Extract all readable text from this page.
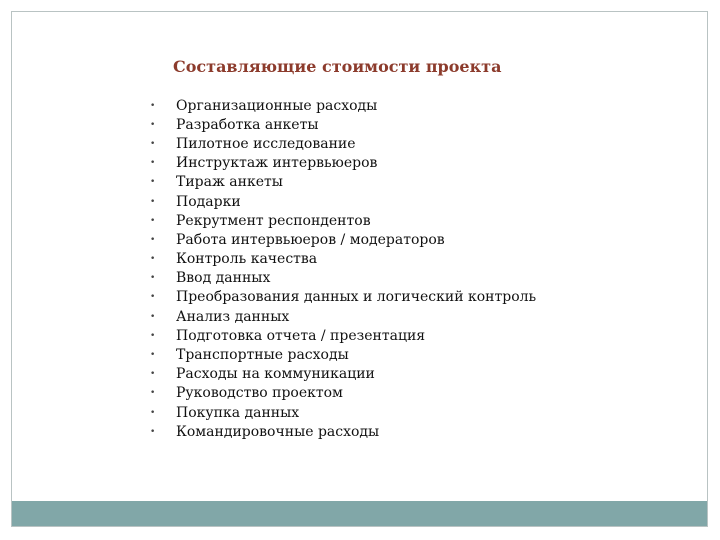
Составляющие стоимости проекта
•	Организационные расходы
•	Разработка анкеты
•	Пилотное исследование
•	Инструктаж интервьюеров
•	Тираж анкеты
•	Подарки
•	Рекрутмент респондентов
•	Работа интервьюеров / модераторов
•	Контроль качества
•	Ввод данных
•	Преобразования данных и логический контроль
•	Анализ данных
•	Подготовка отчета / презентация
•	Транспортные расходы
•	Расходы на коммуникации
•	Руководство проектом
•	Покупка данных
•	Командировочные расходы
